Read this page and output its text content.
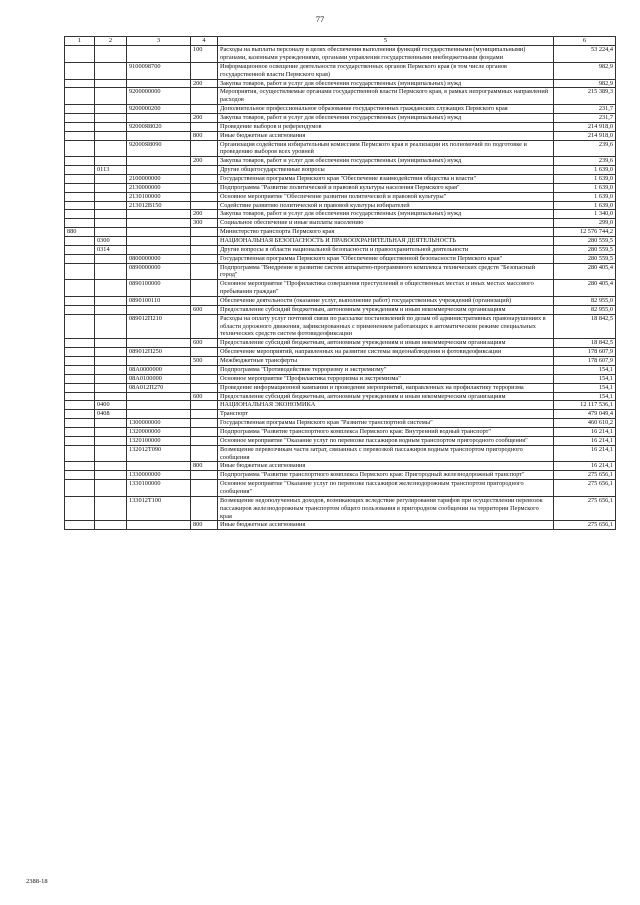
77
1	2	3	4	5	6
			100	Расходы на выплаты персоналу в целях обеспечения выполнения функций государственными (муниципальными) органами, казенными учреждениями, органами управления государственными внебюджетными фондами	53 224,4
		9100098700		Информационное освещение деятельности государственных органов Пермского края (в том числе органов государственной власти Пермского края)	982,9
			200	Закупка товаров, работ и услуг для обеспечения государственных (муниципальных) нужд	982,9
		9200000000		Мероприятия, осуществляемые органами государственной власти Пермского края, в рамках непрограммных направлений расходов	215 389,3
		9200000200		Дополнительное профессиональное образование государственных гражданских служащих Пермского края	231,7
			200	Закупка товаров, работ и услуг для обеспечения государственных (муниципальных) нужд	231,7
		92000Я8020		Проведение выборов и референдумов	214 918,0
			800	Иные бюджетные ассигнования	214 918,0
		92000Я8090		Организация содействия избирательным комиссиям Пермского края в реализации их полномочий по подготовке и проведению выборов всех уровней	239,6
			200	Закупка товаров, работ и услуг для обеспечения государственных (муниципальных) нужд	239,6
	0113			Другие общегосударственные вопросы	1 639,0
		2100000000		Государственная программа Пермского края "Обеспечение взаимодействия общества и власти"	1 639,0
		2130000000		Подпрограмма "Развитие политической и правовой культуры населения Пермского края"	1 639,0
		2130100000		Основное мероприятие "Обеспечение развития политической и правовой культуры"	1 639,0
		213012В150		Содействие развитию политической и правовой культуры избирателей	1 639,0
			200	Закупка товаров, работ и услуг для обеспечения государственных (муниципальных) нужд	1 340,0
			300	Социальное обеспечение и иные выплаты населению	299,0
880				Министерство транспорта Пермского края	12 576 744,2
	0300			НАЦИОНАЛЬНАЯ БЕЗОПАСНОСТЬ И ПРАВООХРАНИТЕЛЬНАЯ ДЕЯТЕЛЬНОСТЬ	280 559,5
	0314			Другие вопросы в области национальной безопасности и правоохранительной деятельности	280 559,5
		0800000000		Государственная программа Пермского края "Обеспечение общественной безопасности Пермского края"	280 559,5
		0890000000		Подпрограмма "Внедрение и развитие систем аппаратно-программного комплекса технических средств "Безопасный город"	280 405,4
		0890100000		Основное мероприятие "Профилактика совершения преступлений в общественных местах и иных местах массового пребывания граждан"	280 405,4
		0890100110		Обеспечение деятельности (оказание услуг, выполнение работ) государственных учреждений (организаций)	82 955,0
			600	Предоставление субсидий бюджетным, автономным учреждениям и иным некоммерческим организациям	82 955,0
		089012П210		Расходы на оплату услуг почтовой связи по рассылке постановлений по делам об административных правонарушениях в области дорожного движения, зафиксированных с применением работающих в автоматическом режиме специальных технических средств систем фотовидеофиксации	18 842,5
			600	Предоставление субсидий бюджетным, автономным учреждениям и иным некоммерческим организациям	18 842,5
		089012П250		Обеспечение мероприятий, направленных на развитие системы видеонаблюдения и фотовидеофиксации	178 607,9
			500	Межбюджетные трансферты	178 607,9
		08А0000000		Подпрограмма "Противодействие терроризму и экстремизму"	154,1
		08А0100000		Основное мероприятие "Профилактика терроризма и экстремизма"	154,1
		08А012П270		Проведение информационной кампании и проведение мероприятий, направленных на профилактику терроризма	154,1
			600	Предоставление субсидий бюджетным, автономным учреждениям и иным некоммерческим организациям	154,1
	0400			НАЦИОНАЛЬНАЯ ЭКОНОМИКА	12 117 536,1
	0408			Транспорт	479 049,4
		1300000000		Государственная программа Пермского края "Развитие транспортной системы"	460 610,2
		1320000000		Подпрограмма "Развитие транспортного комплекса Пермского края: Внутренний водный транспорт"	16 214,1
		1320100000		Основное мероприятие "Оказание услуг по перевозке пассажиров водным транспортом пригородного сообщения"	16 214,1
		132012Т090		Возмещение перевозчикам части затрат, связанных с перевозкой пассажиров водным транспортом пригородного сообщения	16 214,1
			800	Иные бюджетные ассигнования	16 214,1
		1330000000		Подпрограмма "Развитие транспортного комплекса Пермского края: Пригородный железнодорожный транспорт"	275 656,1
		1330100000		Основное мероприятие "Оказание услуг по перевозке пассажиров железнодорожным транспортом пригородного сообщения"	275 656,1
		133012Т100		Возмещение недополученных доходов, возникающих вследствие регулирования тарифов при осуществлении перевозок пассажиров железнодорожным транспортом общего пользования в пригородном сообщении на территории Пермского края	275 656,1
			800	Иные бюджетные ассигнования	275 656,1
2388-18
